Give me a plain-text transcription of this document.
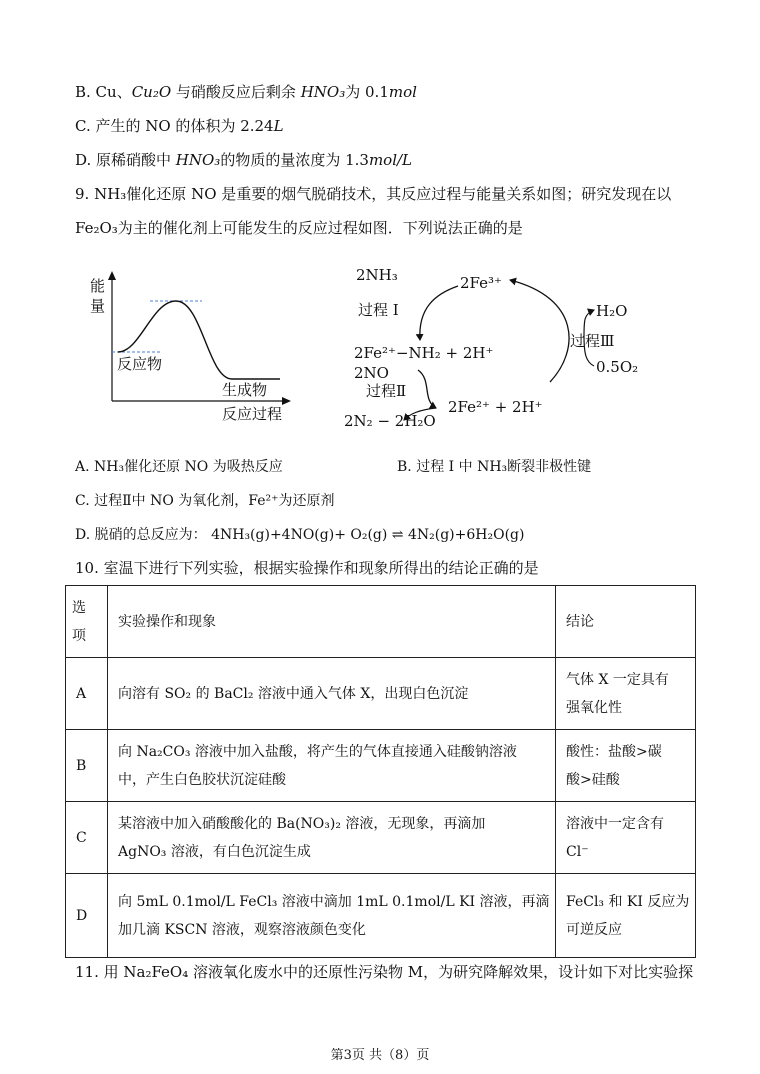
B. Cu、Cu₂O 与硝酸反应后剩余 HNO₃为 0.1mol
C. 产生的 NO 的体积为 2.24L
D. 原稀硝酸中 HNO₃的物质的量浓度为 1.3mol/L
9. NH₃催化还原 NO 是重要的烟气脱硝技术，其反应过程与能量关系如图；研究发现在以
Fe₂O₃为主的催化剂上可能发生的反应过程如图．下列说法正确的是
能
量
反应物
生成物
反应过程
2NH₃	2Fe³⁺
过程 I	H₂O
过程Ⅲ
0.5O₂
2Fe²⁺−NH₂ + 2H⁺
2NO
过程Ⅱ
2Fe²⁺ + 2H⁺
2N₂ − 2H₂O
A. NH₃催化还原 NO 为吸热反应	B. 过程 I 中 NH₃断裂非极性键
C. 过程Ⅱ中 NO 为氧化剂，Fe²⁺为还原剂
D. 脱硝的总反应为： 4NH₃(g)+4NO(g)+ O₂(g) ⇌ 4N₂(g)+6H₂O(g)
10. 室温下进行下列实验，根据实验操作和现象所得出的结论正确的是
选
项	实验操作和现象	结论
A	向溶有 SO₂ 的 BaCl₂ 溶液中通入气体 X，出现白色沉淀	气体 X 一定具有
强氧化性

B	向 Na₂CO₃ 溶液中加入盐酸，将产生的气体直接通入硅酸钠溶液
中，产生白色胶状沉淀硅酸	酸性：盐酸>碳
酸>硅酸

C	某溶液中加入硝酸酸化的 Ba(NO₃)₂ 溶液，无现象，再滴加
AgNO₃ 溶液，有白色沉淀生成	溶液中一定含有
Cl⁻

D	向 5mL 0.1mol/L FeCl₃ 溶液中滴加 1mL 0.1mol/L KI 溶液，再滴
加几滴 KSCN 溶液，观察溶液颜色变化	FeCl₃ 和 KI 反应为
可逆反应
11. 用 Na₂FeO₄ 溶液氧化废水中的还原性污染物 M，为研究降解效果，设计如下对比实验探
第3页 共（8）页
